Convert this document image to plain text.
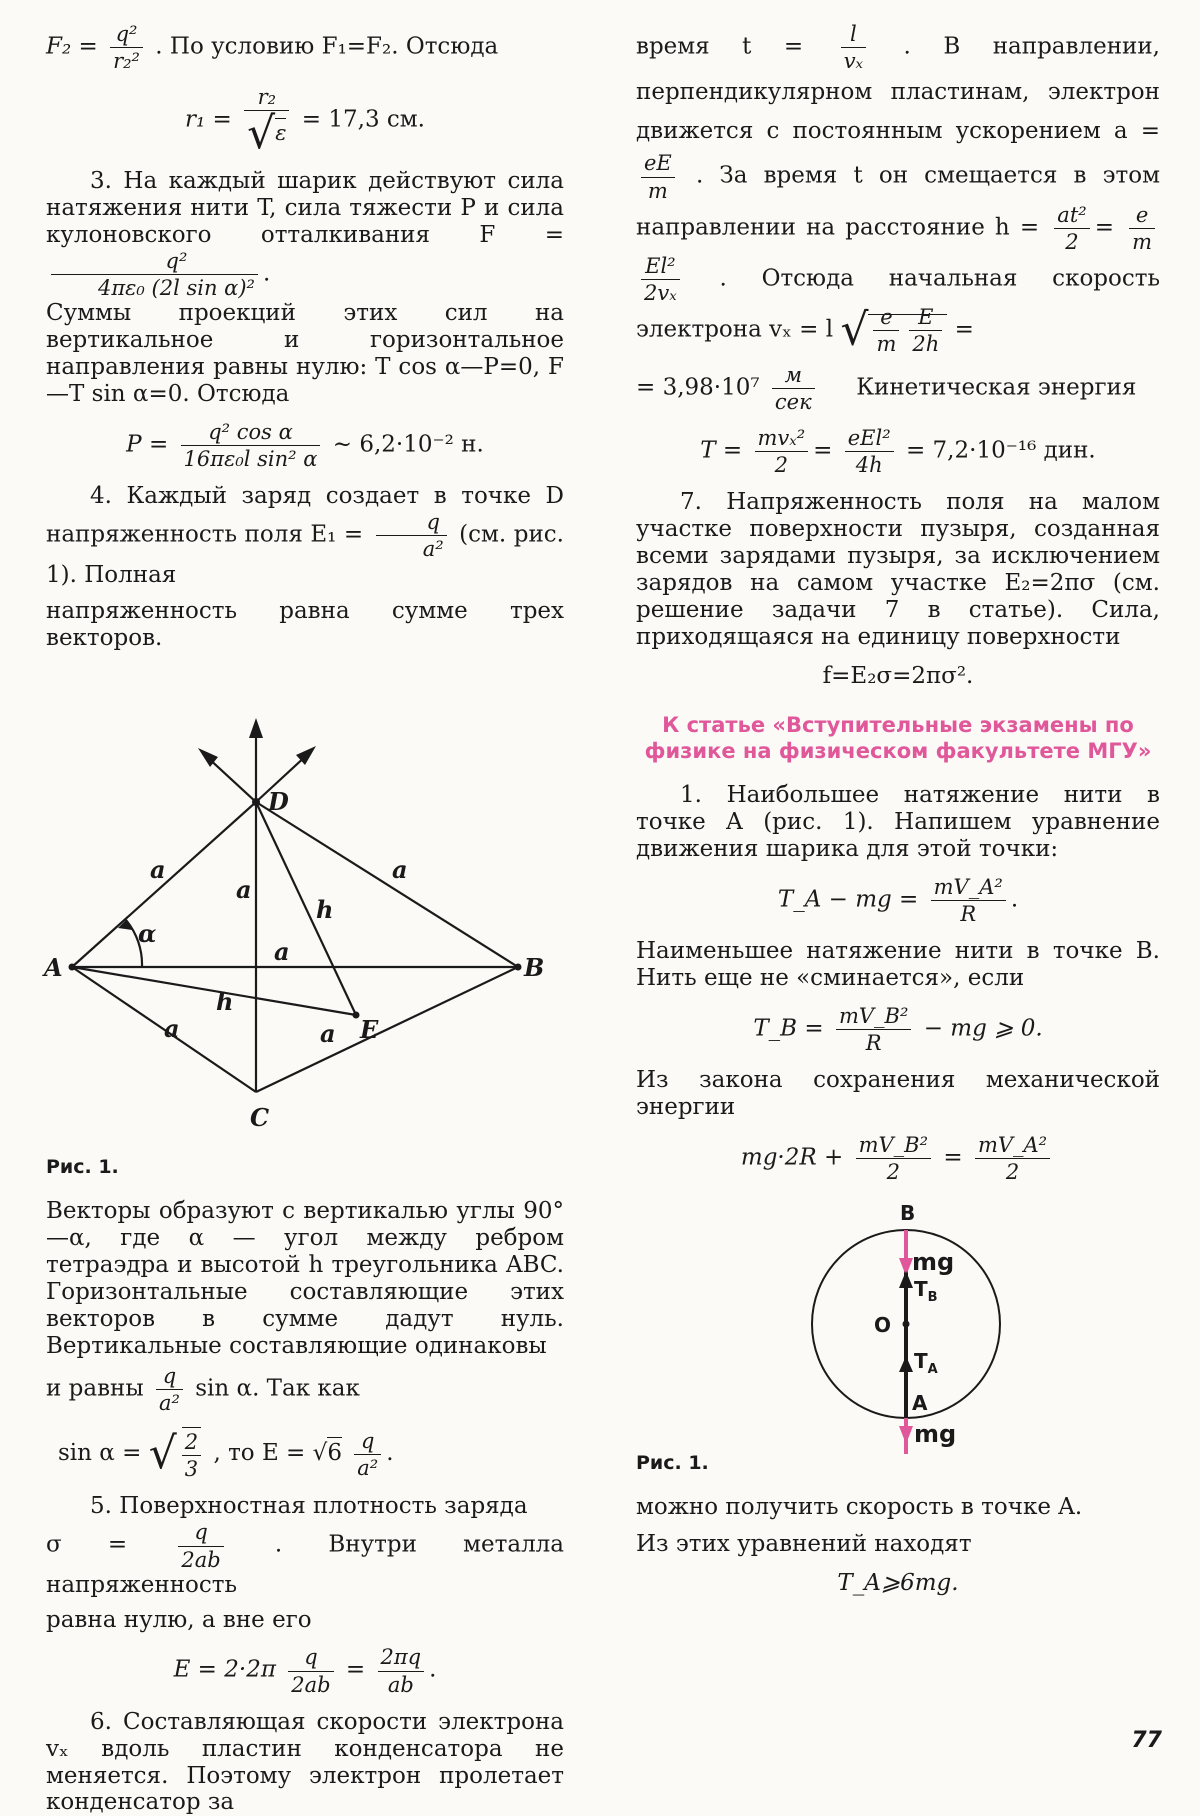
$F_2 = \frac{\text{q²}}{\text{r₂²}}$ . По условию F₁=F₂. Отсюда
$r_1 = \frac{\text{r₂}}{√\varepsilon} = 17,3$ см.

3. На каждый шарик действуют сила натяжения нити T, сила тяжести P и сила кулоновского отталкивания F =
$\frac{\text{q²}}{\text{4πε₀ (2l sin α)²}}$ .

Суммы проекций этих сил на вертикальное и горизонтальное направления равны нулю: T cos α—P=0, F—T sin α=0. Отсюда

$P = \frac{\text{q² cos α}}{\text{16πε₀l sin² α}}$ ∼ 6,2·10⁻² н.

4. Каждый заряд создает в точке D напряженность поля $E_1 = \frac{q}{\text{a²}} (см$. рис. 1). Полная

напряженность равна сумме трех векторов.

D
A	B
C
E
a	a
a
a
a	a
h
h
α
Рис. 1.

Векторы образуют с вертикалью углы 90°—α, где α — угол между ребром тетраэдра и высотой h треугольника ABC. Горизонтальные составляющие этих векторов в сумме дадут нуль. Вертикальные составляющие одинаковы

и равны $\frac{q}{\text{a²}}$ sin α. Так как

sin α = √ $\frac{2}{3}$ , то $E = √6 \frac{q}{\text{a²}}$ .

5. Поверхностная плотность заряда

$\sigma = \frac{q}{2ab}$ . Внутри металла напряженность

равна нулю, а вне его

$E = 2\cdot 2\pi \frac{q}{2ab} = \frac{2\pi q}{ab}$ .

6. Составляющая скорости электрона vₓ вдоль пластин конденсатора не меняется. Поэтому электрон пролетает конденсатор за

время $t = \frac{l}{\text{vₓ}}$ . В направлении, перпендикулярном пластинам, электрон движется с постоянным ускорением a =
$\frac{eE}{m}$ . За время t он смещается в этом направлении на расстояние $h = \frac{\text{at²}}{2} = \frac{e}{m}$

$\frac{\text{El²}}{\text{2vₓ}}$ . Отсюда начальная скорость электрона vₓ = l √ $\frac{e}{m} \frac{E}{2h}$ =

= $3,98\cdot 10^7 \frac{м}{\text{сек}}$ Кинетическая энергия

$T = \frac{\text{mvₓ²}}{2} = \frac{\text{eEl²}}{4h} = 7,2\cdot 10^{-16}$ дин.

7. Напряженность поля на малом участке поверхности пузыря, созданная всеми зарядами пузыря, за исключением зарядов на самом участке E₂=2πσ (см. решение задачи 7 в статье). Сила, приходящаяся на единицу поверхности

f=E₂σ=2πσ².
К статье «Вступительные экзамены по физике на физическом факультете МГУ»

1. Наибольшее натяжение нити в точке A (рис. 1). Напишем уравнение движения шарика для этой точки:

T_A − mg = $\frac{\text{mV\_A²}}{R}$ .

Наименьшее натяжение нити в точке B. Нить еще не «сминается», если

T_B = $\frac{\text{mV\_B²}}{R}$ − mg ⩾ 0.

Из закона сохранения механической энергии

$mg\cdot 2R + \frac{\text{mV\_B²}}{2} = \frac{\text{mV\_A²}}{2}$
B
O
A
mg
$T_B$
$T_A$
mg
Рис. 1.

можно получить скорость в точке A.

Из этих уравнений находят

T_A⩾6mg.
77
